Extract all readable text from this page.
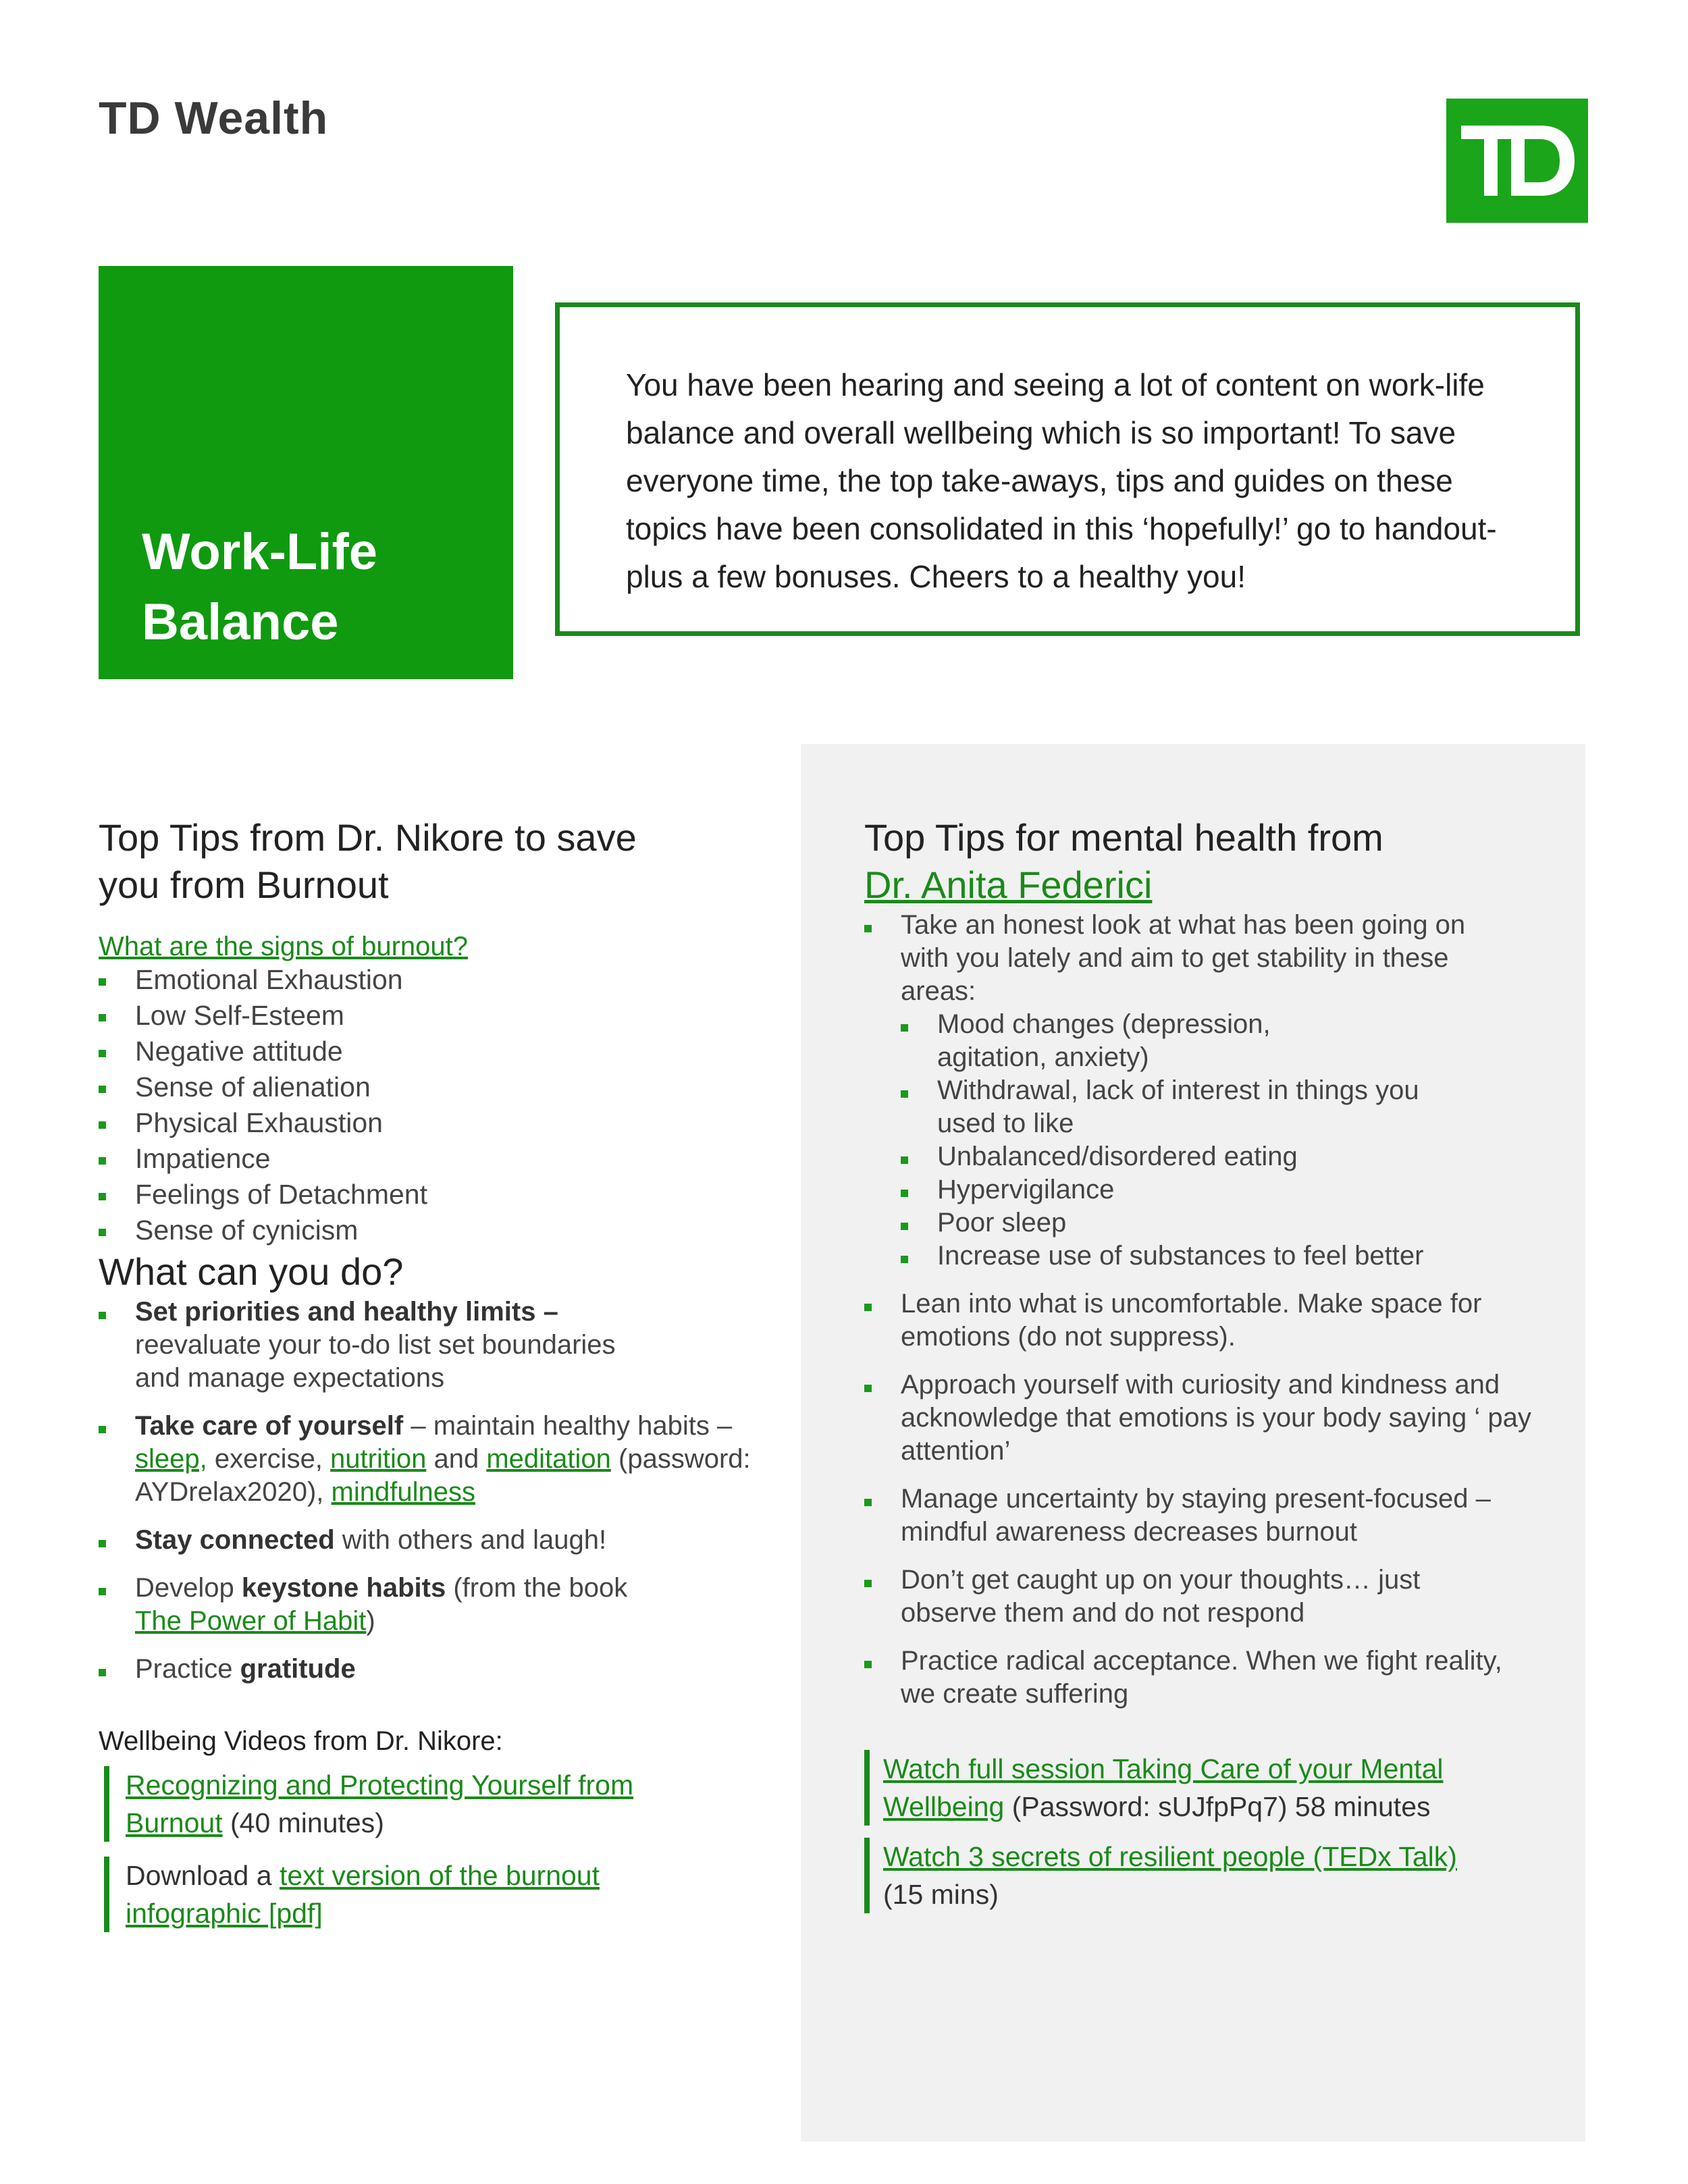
TD Wealth
Work-Life Balance
You have been hearing and seeing a lot of content on work-life balance and overall wellbeing which is so important! To save everyone time, the top take-aways, tips and guides on these topics have been consolidated in this ‘hopefully!’ go to handout- plus a few bonuses. Cheers to a healthy you!
Top Tips from Dr. Nikore to save you from Burnout
What are the signs of burnout?
Emotional Exhaustion
Low Self-Esteem
Negative attitude
Sense of alienation
Physical Exhaustion
Impatience
Feelings of Detachment
Sense of cynicism
What can you do?
Set priorities and healthy limits –
reevaluate your to-do list set boundaries and manage expectations
Take care of yourself – maintain healthy habits – sleep, exercise, nutrition and meditation (password: AYDrelax2020), mindfulness
Stay connected with others and laugh!
Develop keystone habits (from the book The Power of Habit)
Practice gratitude
Wellbeing Videos from Dr. Nikore:
Recognizing and Protecting Yourself from Burnout (40 minutes)
Download a text version of the burnout infographic [pdf]
Top Tips for mental health from
Dr. Anita Federici
Take an honest look at what has been going on with you lately and aim to get stability in these areas:
Mood changes (depression, agitation, anxiety)
Withdrawal, lack of interest in things you used to like
Unbalanced/disordered eating
Hypervigilance
Poor sleep
Increase use of substances to feel better
Lean into what is uncomfortable. Make space for emotions (do not suppress).
Approach yourself with curiosity and kindness and acknowledge that emotions is your body saying ‘ pay attention’
Manage uncertainty by staying present-focused – mindful awareness decreases burnout
Don’t get caught up on your thoughts… just observe them and do not respond
Practice radical acceptance. When we fight reality, we create suffering
Watch full session Taking Care of your Mental Wellbeing (Password: sUJfpPq7) 58 minutes
Watch 3 secrets of resilient people (TEDx Talk)
(15 mins)
